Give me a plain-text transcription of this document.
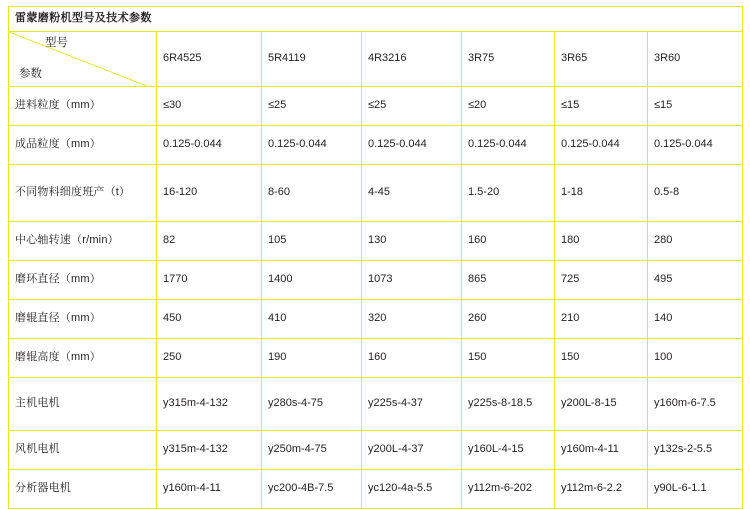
雷蒙磨粉机型号及技术参数						

型号
参数	6R4525	5R4119	4R3216	3R75	3R65	3R60

进料粒度（mm）	≤30	≤25	≤25	≤20	≤15	≤15
成品粒度（mm）	0.125-0.044	0.125-0.044	0.125-0.044	0.125-0.044	0.125-0.044	0.125-0.044
不同物料细度班产（t）	16-120	8-60	4-45	1.5-20	1-18	0.5-8
中心轴转速（r/min）	82	105	130	160	180	280
磨环直径（mm）	1770	1400	1073	865	725	495
磨辊直径（mm）	450	410	320	260	210	140
磨辊高度（mm）	250	190	160	150	150	100
主机电机	y315m-4-132	y280s-4-75	y225s-4-37	y225s-8-18.5	y200L-8-15	y160m-6-7.5
风机电机	y315m-4-132	y250m-4-75	y200L-4-37	y160L-4-15	y160m-4-11	y132s-2-5.5
分析器电机	y160m-4-11	yc200-4B-7.5	yc120-4a-5.5	y112m-6-202	y112m-6-2.2	y90L-6-1.1
